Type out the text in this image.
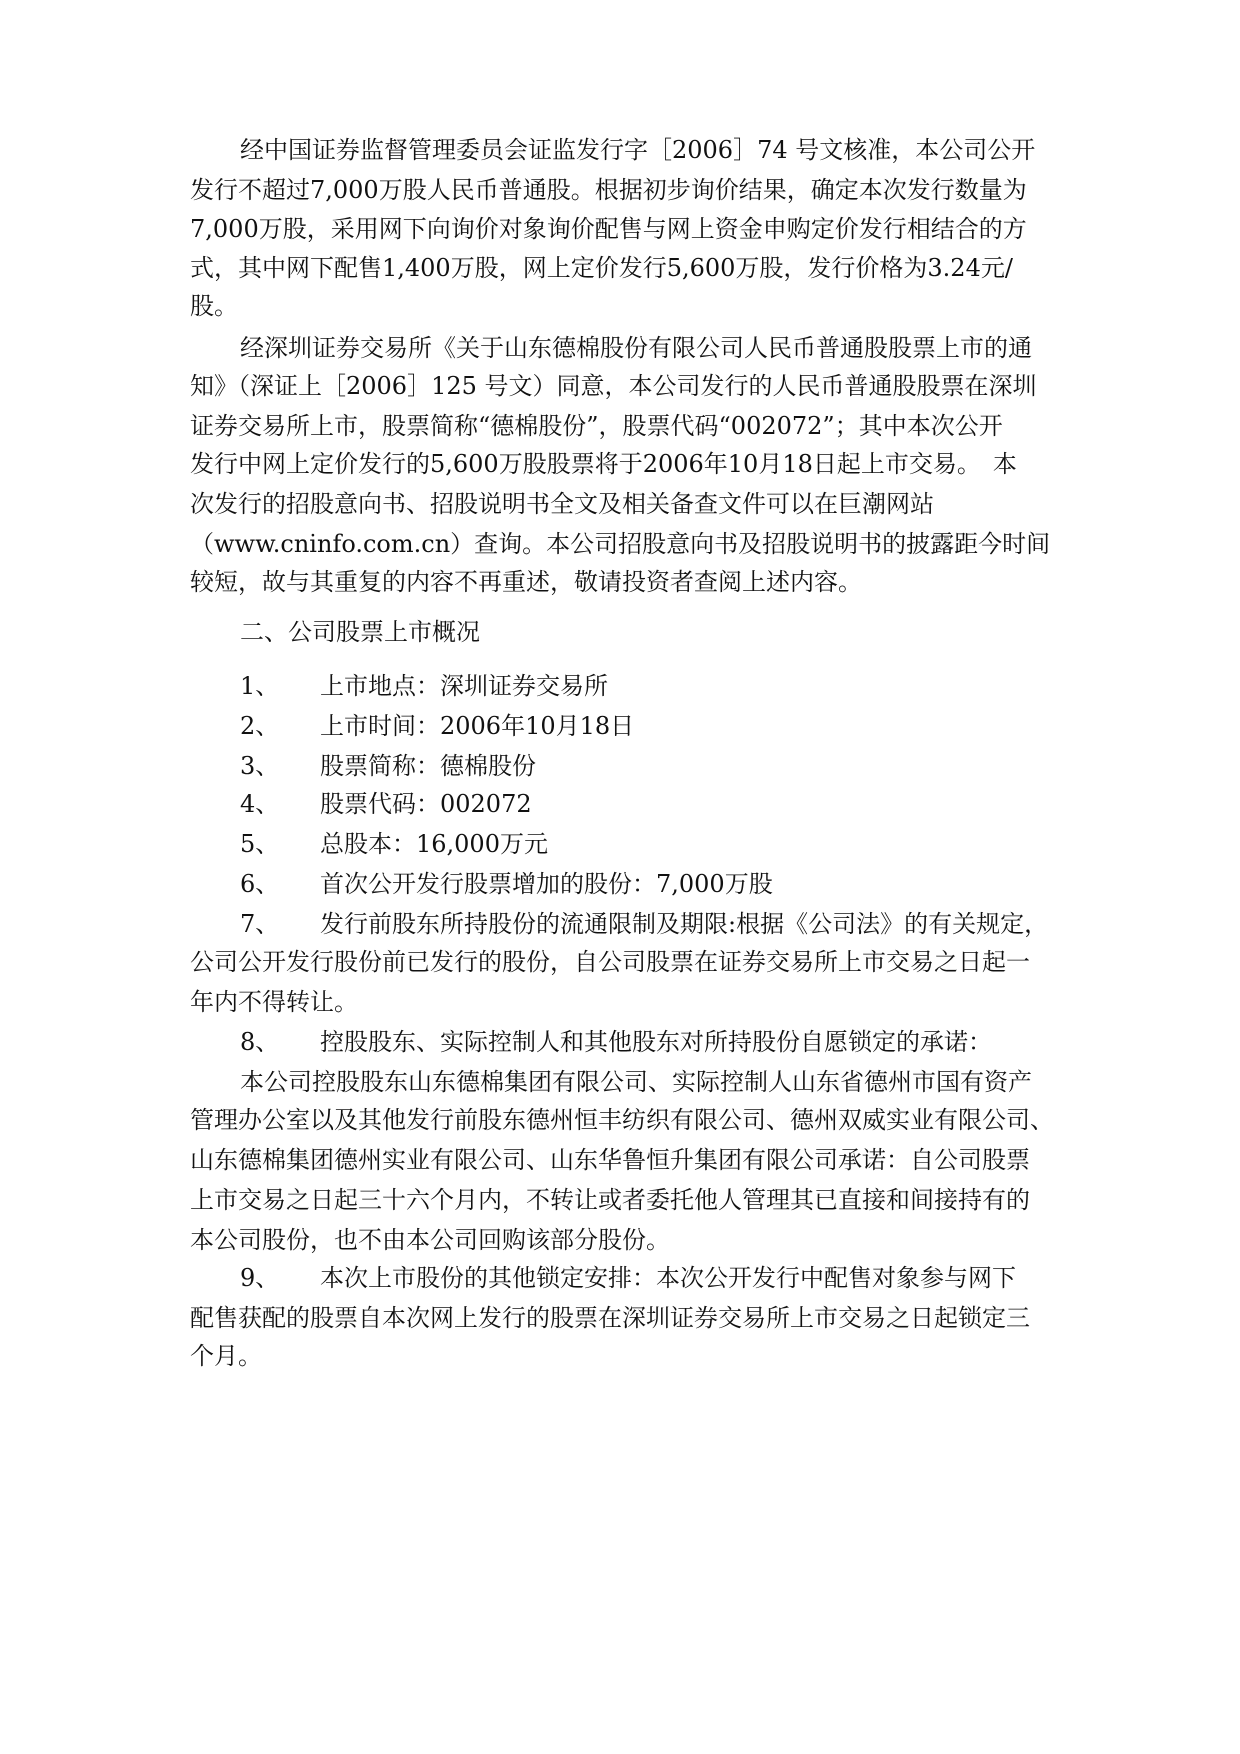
经中国证券监督管理委员会证监发行字［2006］74 号文核准，本公司公开
发行不超过7,000万股人民币普通股。根据初步询价结果，确定本次发行数量为
7,000万股，采用网下向询价对象询价配售与网上资金申购定价发行相结合的方
式，其中网下配售1,400万股，网上定价发行5,600万股，发行价格为3.24元/
股。
经深圳证券交易所《关于山东德棉股份有限公司人民币普通股股票上市的通
知》（深证上［2006］125 号文）同意，本公司发行的人民币普通股股票在深圳
证券交易所上市，股票简称“德棉股份”，股票代码“002072”；其中本次公开
发行中网上定价发行的5,600万股股票将于2006年10月18日起上市交易。　本
次发行的招股意向书、招股说明书全文及相关备查文件可以在巨潮网站
（www.cninfo.com.cn）查询。本公司招股意向书及招股说明书的披露距今时间
较短，故与其重复的内容不再重述，敬请投资者查阅上述内容。
二、公司股票上市概况
1、 上市地点：深圳证券交易所
2、 上市时间：2006年10月18日
3、 股票简称：德棉股份
4、 股票代码：002072
5、 总股本：16,000万元
6、 首次公开发行股票增加的股份：7,000万股
7、 发行前股东所持股份的流通限制及期限:根据《公司法》的有关规定，
公司公开发行股份前已发行的股份，自公司股票在证券交易所上市交易之日起一
年内不得转让。
8、 控股股东、实际控制人和其他股东对所持股份自愿锁定的承诺：
本公司控股股东山东德棉集团有限公司、实际控制人山东省德州市国有资产
管理办公室以及其他发行前股东德州恒丰纺织有限公司、德州双威实业有限公司、
山东德棉集团德州实业有限公司、山东华鲁恒升集团有限公司承诺：自公司股票
上市交易之日起三十六个月内，不转让或者委托他人管理其已直接和间接持有的
本公司股份，也不由本公司回购该部分股份。
9、 本次上市股份的其他锁定安排：本次公开发行中配售对象参与网下
配售获配的股票自本次网上发行的股票在深圳证券交易所上市交易之日起锁定三
个月。
